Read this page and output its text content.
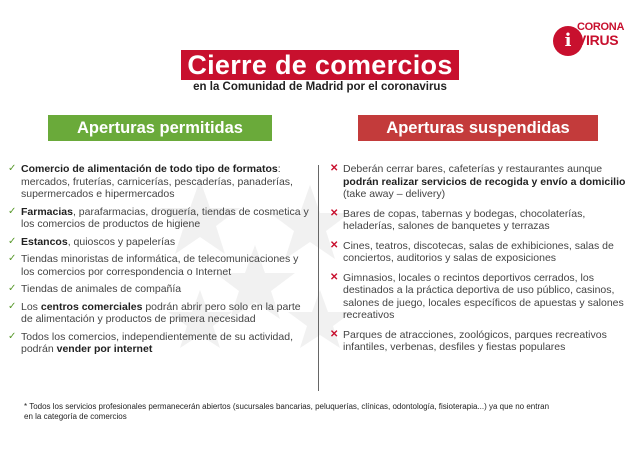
i
CORONA
VIRUS
Cierre de comercios
en la Comunidad de Madrid por el coronavirus
Aperturas permitidas	Aperturas suspendidas
✓ Comercio de alimentación de todo tipo de formatos: mercados, fruterías, carnicerías, pescaderías, panaderías, supermercados e hipermercados
✓ Farmacias, parafarmacias, droguería, tiendas de cosmetica y los comercios de productos de higiene
✓ Estancos, quioscos y papelerías
✓ Tiendas minoristas de informática, de telecomunicaciones y los comercios por correspondencia o Internet
✓ Tiendas de animales de compañía
✓ Los centros comerciales podrán abrir pero solo en la parte de alimentación y productos de primera necesidad
✓ Todos los comercios, independientemente de su actividad, podrán vender por internet
✕ Deberán cerrar bares, cafeterías y restaurantes aunque podrán realizar servicios de recogida y envío a domicilio (take away – delivery)
✕ Bares de copas, tabernas y bodegas, chocolaterías, heladerías, salones de banquetes y terrazas
✕ Cines, teatros, discotecas, salas de exhibiciones, salas de conciertos, auditorios y salas de exposiciones
✕ Gimnasios, locales o recintos deportivos cerrados, los destinados a la práctica deportiva de uso público, casinos, salones de juego, locales específicos de apuestas y salones recreativos
✕ Parques de atracciones, zoológicos, parques recreativos infantiles, verbenas, desfiles y fiestas populares
* Todos los servicios profesionales permanecerán abiertos (sucursales bancarias, peluquerías, clínicas, odontología, fisioterapia...) ya que no entran
en la categoría de comercios
